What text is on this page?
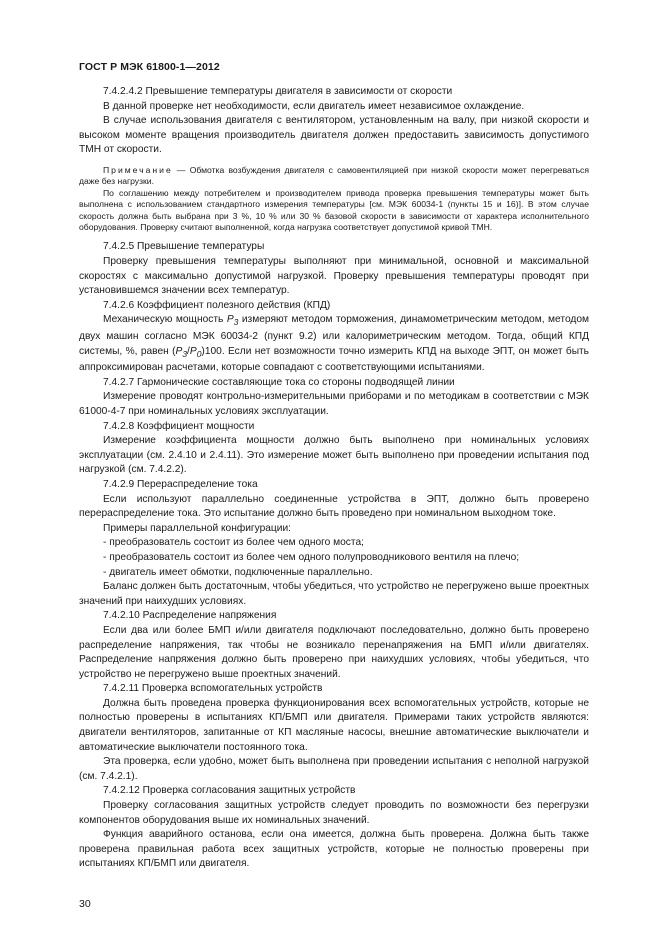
ГОСТ Р МЭК 61800-1—2012

7.4.2.4.2 Превышение температуры двигателя в зависимости от скорости

В данной проверке нет необходимости, если двигатель имеет независимое охлаждение.

В случае использования двигателя с вентилятором, установленным на валу, при низкой скорости и высоком моменте вращения производитель двигателя должен предоставить зависимость допустимого ТМН от скорости.

Примечание — Обмотка возбуждения двигателя с самовентиляцией при низкой скорости может перегреваться даже без нагрузки.

По соглашению между потребителем и производителем привода проверка превышения температуры может быть выполнена с использованием стандартного измерения температуры [см. МЭК 60034-1 (пункты 15 и 16)]. В этом случае скорость должна быть выбрана при 3 %, 10 % или 30 % базовой скорости в зависимости от характера исполнительного оборудования. Проверку считают выполненной, когда нагрузка соответствует допустимой кривой ТМН.

7.4.2.5 Превышение температуры

Проверку превышения температуры выполняют при минимальной, основной и максимальной скоростях с максимально допустимой нагрузкой. Проверку превышения температуры проводят при установившемся значении всех температур.

7.4.2.6 Коэффициент полезного действия (КПД)

Механическую мощность $P_3$ измеряют методом торможения, динамометрическим методом, методом двух машин согласно МЭК 60034-2 (пункт 9.2) или калориметрическим методом. Тогда, общий КПД системы, %, равен $(P_3/P_0)100$. Если нет возможности точно измерить КПД на выходе ЭПТ, он может быть аппроксимирован расчетами, которые совпадают с соответствующими испытаниями.

7.4.2.7 Гармонические составляющие тока со стороны подводящей линии

Измерение проводят контрольно-измерительными приборами и по методикам в соответствии с МЭК 61000-4-7 при номинальных условиях эксплуатации.

7.4.2.8 Коэффициент мощности

Измерение коэффициента мощности должно быть выполнено при номинальных условиях эксплуатации (см. 2.4.10 и 2.4.11). Это измерение может быть выполнено при проведении испытания под нагрузкой (см. 7.4.2.2).

7.4.2.9 Перераспределение тока

Если используют параллельно соединенные устройства в ЭПТ, должно быть проверено перераспределение тока. Это испытание должно быть проведено при номинальном выходном токе.

Примеры параллельной конфигурации:

- преобразователь состоит из более чем одного моста;

- преобразователь состоит из более чем одного полупроводникового вентиля на плечо;

- двигатель имеет обмотки, подключенные параллельно.

Баланс должен быть достаточным, чтобы убедиться, что устройство не перегружено выше проектных значений при наихудших условиях.

7.4.2.10 Распределение напряжения

Если два или более БМП и/или двигателя подключают последовательно, должно быть проверено распределение напряжения, так чтобы не возникало перенапряжения на БМП и/или двигателях. Распределение напряжения должно быть проверено при наихудших условиях, чтобы убедиться, что устройство не перегружено выше проектных значений.

7.4.2.11 Проверка вспомогательных устройств

Должна быть проведена проверка функционирования всех вспомогательных устройств, которые не полностью проверены в испытаниях КП/БМП или двигателя. Примерами таких устройств являются: двигатели вентиляторов, запитанные от КП масляные насосы, внешние автоматические выключатели и автоматические выключатели постоянного тока.

Эта проверка, если удобно, может быть выполнена при проведении испытания с неполной нагрузкой (см. 7.4.2.1).

7.4.2.12 Проверка согласования защитных устройств

Проверку согласования защитных устройств следует проводить по возможности без перегрузки компонентов оборудования выше их номинальных значений.

Функция аварийного останова, если она имеется, должна быть проверена. Должна быть также проверена правильная работа всех защитных устройств, которые не полностью проверены при испытаниях КП/БМП или двигателя.

30
